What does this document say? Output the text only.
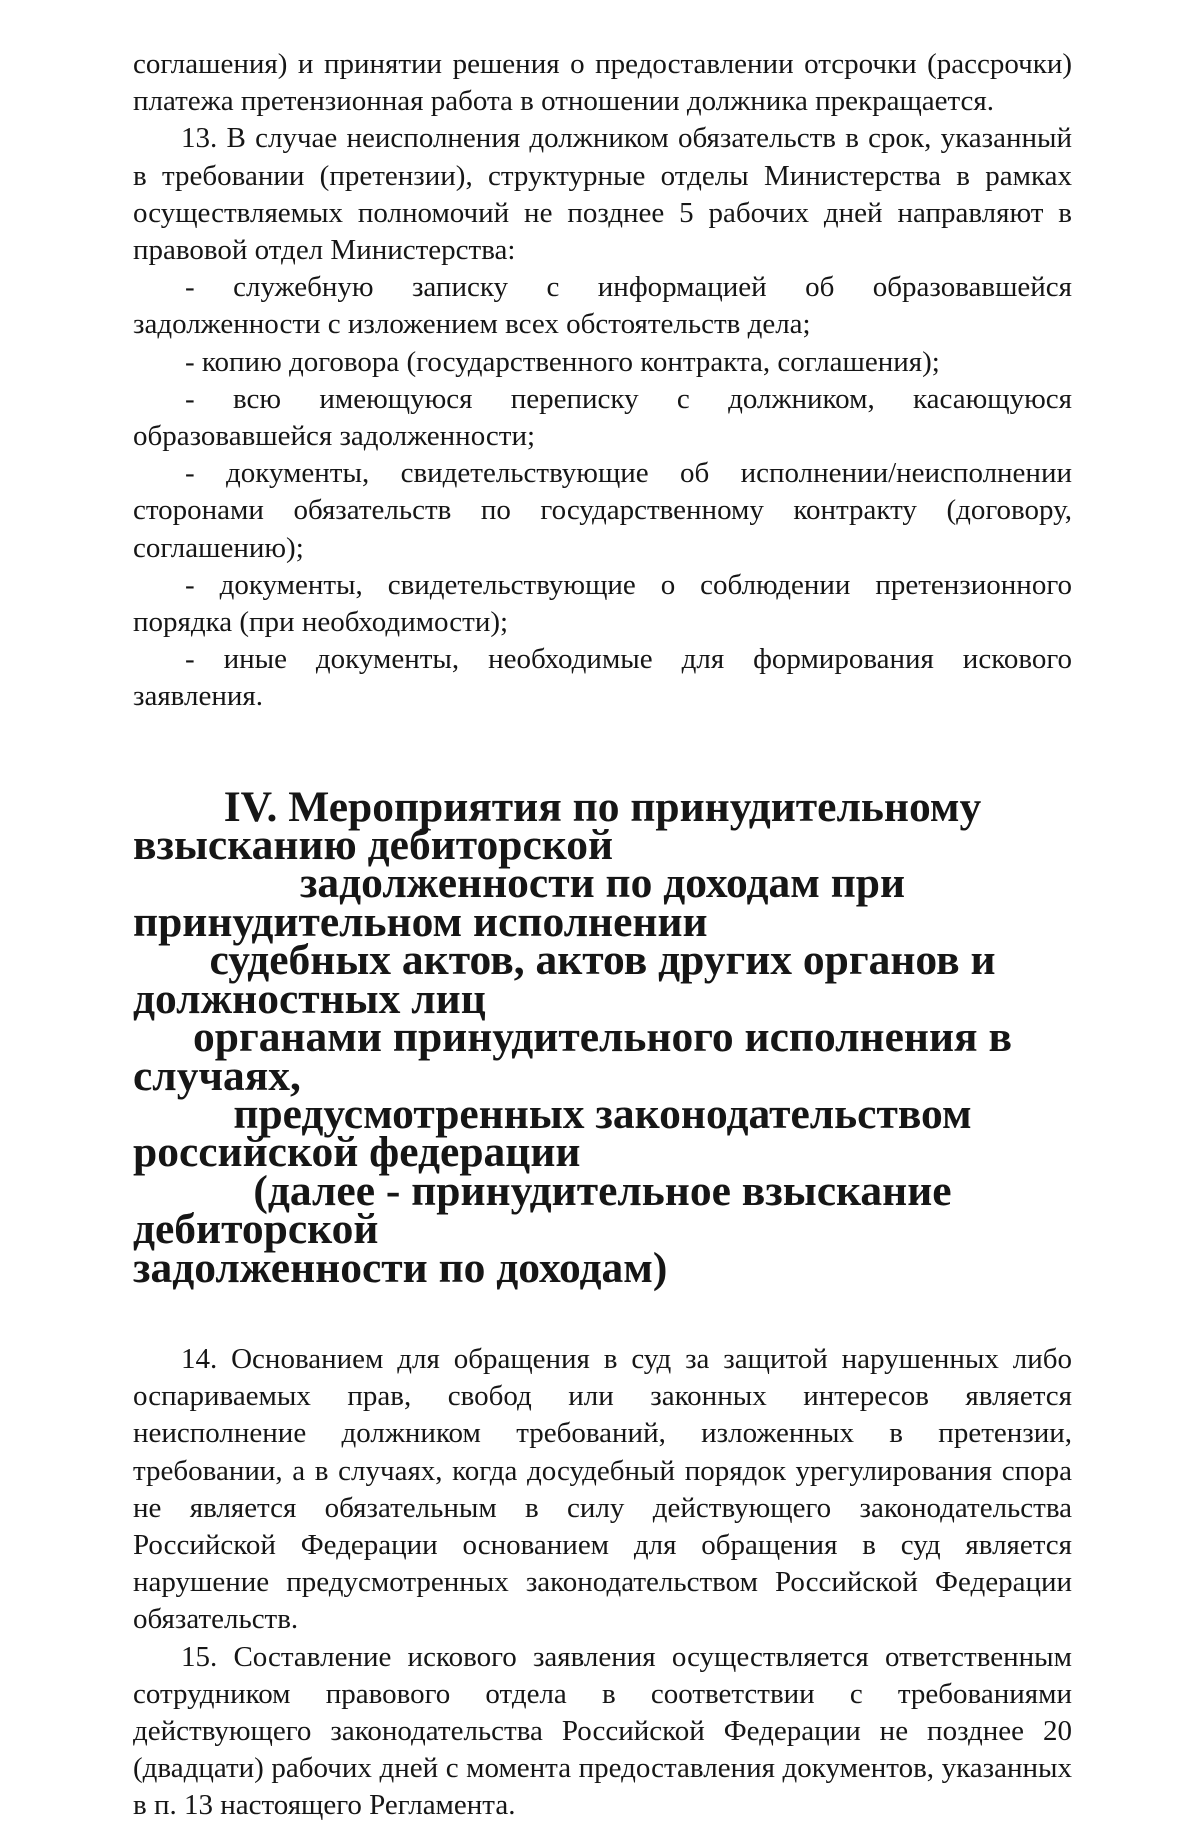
соглашения) и принятии решения о предоставлении отсрочки (рассрочки) платежа претензионная работа в отношении должника прекращается.

13. В случае неисполнения должником обязательств в срок, указанный в требовании (претензии), структурные отделы Министерства в рамках осуществляемых полномочий не позднее 5 рабочих дней направляют в правовой отдел Министерства:

- служебную записку с информацией об образовавшейся задолженности с изложением всех обстоятельств дела;

- копию договора (государственного контракта, соглашения);

- всю имеющуюся переписку с должником, касающуюся образовавшейся задолженности;

- документы, свидетельствующие об исполнении/неисполнении сторонами обязательств по государственному контракту (договору, соглашению);

- документы, свидетельствующие о соблюдении претензионного порядка (при необходимости);

- иные документы, необходимые для формирования искового заявления.

IV. Мероприятия по принудительному взысканию дебиторской
задолженности по доходам при принудительном исполнении
судебных актов, актов других органов и должностных лиц
органами принудительного исполнения в случаях,
предусмотренных законодательством российской федерации
(далее - принудительное взыскание дебиторской
задолженности по доходам)

14. Основанием для обращения в суд за защитой нарушенных либо оспариваемых прав, свобод или законных интересов является неисполнение должником требований, изложенных в претензии, требовании, а в случаях, когда досудебный порядок урегулирования спора не является обязательным в силу действующего законодательства Российской Федерации основанием для обращения в суд является нарушение предусмотренных законодательством Российской Федерации обязательств.

15. Составление искового заявления осуществляется ответственным сотрудником правового отдела в соответствии с требованиями действующего законодательства Российской Федерации не позднее 20 (двадцати) рабочих дней с момента предоставления документов, указанных в п. 13 настоящего Регламента.
